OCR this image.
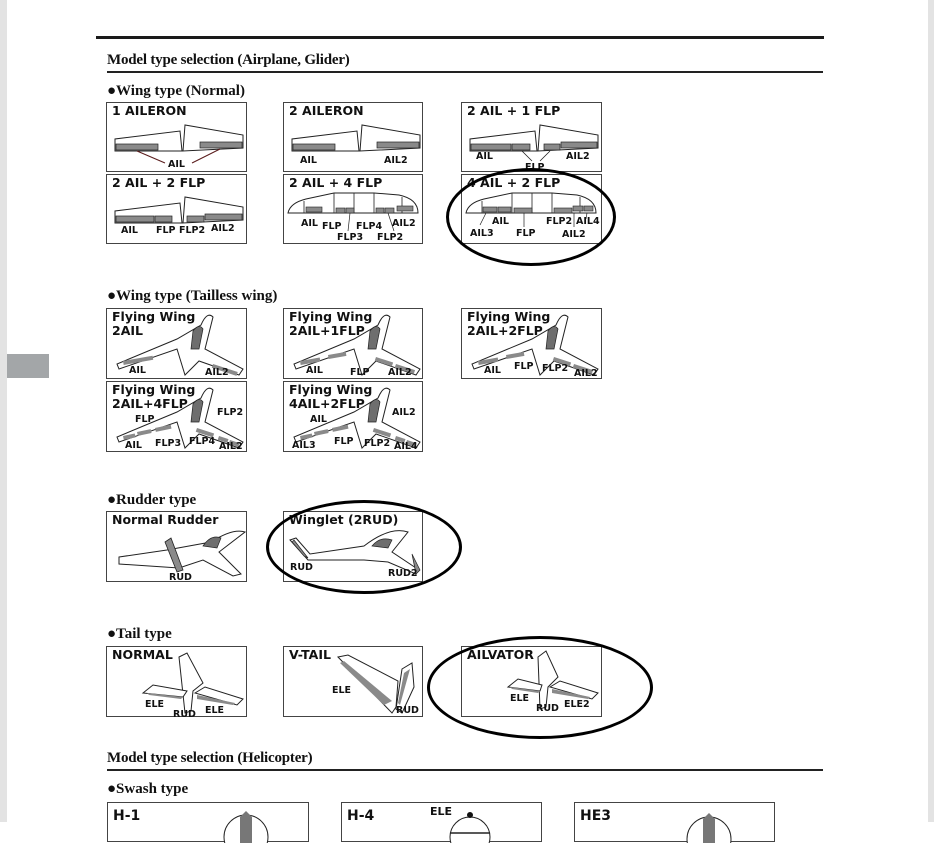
Model type selection (Airplane, Glider)
●Wing type (Normal)
AIL
1 AILERON
AIL	AIL2
2 AILERON
AIL
FLP
AIL2
2 AIL + 1 FLP
AIL FLP FLP2 AIL2
2 AIL + 2 FLP
AIL FLP
FLP3
FLP4
FLP2
AIL2
2 AIL + 4 FLP
AIL
AIL3 FLP
FLP2
AIL2
AIL4
4 AIL + 2 FLP
●Wing type (Tailless wing)
AIL	AIL2
Flying Wing
2AIL
AIL	FLP AIL2
Flying Wing
2AIL+1FLP
AIL FLP FLP2 AIL2
Flying Wing
2AIL+2FLP
FLP
FLP2
AIL FLP3 FLP4 AIL2
Flying Wing
2AIL+4FLP
AIL
AIL2
AIL3 FLP FLP2 AIL4
Flying Wing
4AIL+2FLP
●Rudder type
RUD
Normal Rudder
RUD
RUD2
Winglet (2RUD)
●Tail type
ELE
RUD ELE
NORMAL
ELE
RUD
V-TAIL
ELE
RUD ELE2
AILVATOR
Model type selection (Helicopter)
●Swash type
H-1	ELE
H-4	HE3
